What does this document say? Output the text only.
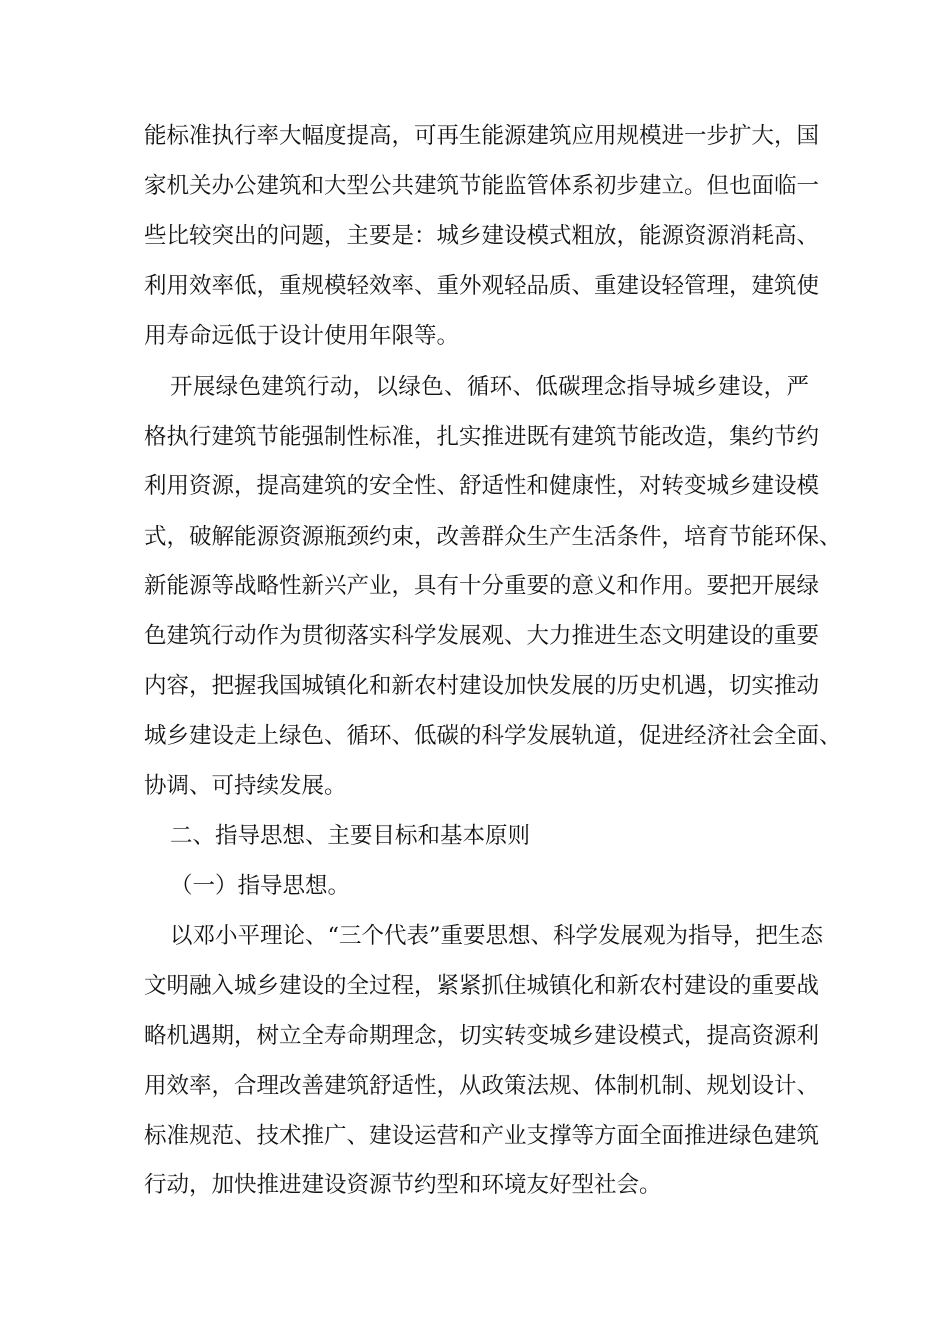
能标准执行率大幅度提高，可再生能源建筑应用规模进一步扩大，国
家机关办公建筑和大型公共建筑节能监管体系初步建立。但也面临一
些比较突出的问题，主要是：城乡建设模式粗放，能源资源消耗高、
利用效率低，重规模轻效率、重外观轻品质、重建设轻管理，建筑使
用寿命远低于设计使用年限等。
开展绿色建筑行动，以绿色、循环、低碳理念指导城乡建设，严
格执行建筑节能强制性标准，扎实推进既有建筑节能改造，集约节约
利用资源，提高建筑的安全性、舒适性和健康性，对转变城乡建设模
式，破解能源资源瓶颈约束，改善群众生产生活条件，培育节能环保、
新能源等战略性新兴产业，具有十分重要的意义和作用。要把开展绿
色建筑行动作为贯彻落实科学发展观、大力推进生态文明建设的重要
内容，把握我国城镇化和新农村建设加快发展的历史机遇，切实推动
城乡建设走上绿色、循环、低碳的科学发展轨道，促进经济社会全面、
协调、可持续发展。
二、指导思想、主要目标和基本原则
（一）指导思想。
以邓小平理论、“三个代表”重要思想、科学发展观为指导，把生态
文明融入城乡建设的全过程，紧紧抓住城镇化和新农村建设的重要战
略机遇期，树立全寿命期理念，切实转变城乡建设模式，提高资源利
用效率，合理改善建筑舒适性，从政策法规、体制机制、规划设计、
标准规范、技术推广、建设运营和产业支撑等方面全面推进绿色建筑
行动，加快推进建设资源节约型和环境友好型社会。
